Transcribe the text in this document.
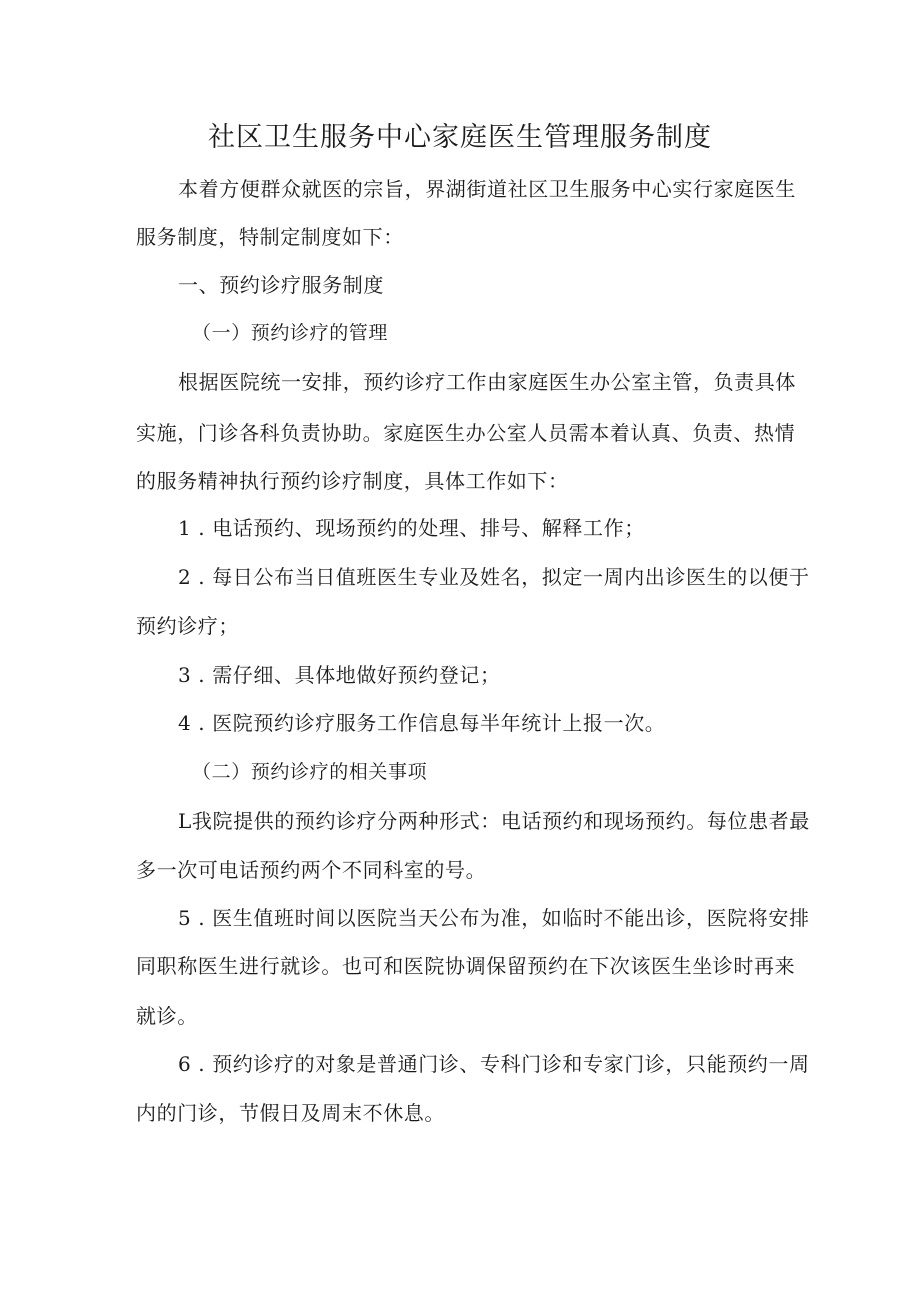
社区卫生服务中心家庭医生管理服务制度
本着方便群众就医的宗旨，界湖街道社区卫生服务中心实行家庭医生
服务制度，特制定制度如下：
一、预约诊疗服务制度
（一）预约诊疗的管理
根据医院统一安排，预约诊疗工作由家庭医生办公室主管，负责具体
实施，门诊各科负责协助。家庭医生办公室人员需本着认真、负责、热情
的服务精神执行预约诊疗制度，具体工作如下：
1 . 电话预约、现场预约的处理、排号、解释工作；
2 . 每日公布当日值班医生专业及姓名，拟定一周内出诊医生的以便于
预约诊疗；
3 . 需仔细、具体地做好预约登记；
4 . 医院预约诊疗服务工作信息每半年统计上报一次。
（二）预约诊疗的相关事项
L我院提供的预约诊疗分两种形式：电话预约和现场预约。每位患者最
多一次可电话预约两个不同科室的号。
5 . 医生值班时间以医院当天公布为准，如临时不能出诊，医院将安排
同职称医生进行就诊。也可和医院协调保留预约在下次该医生坐诊时再来
就诊。
6 . 预约诊疗的对象是普通门诊、专科门诊和专家门诊，只能预约一周
内的门诊，节假日及周末不休息。
